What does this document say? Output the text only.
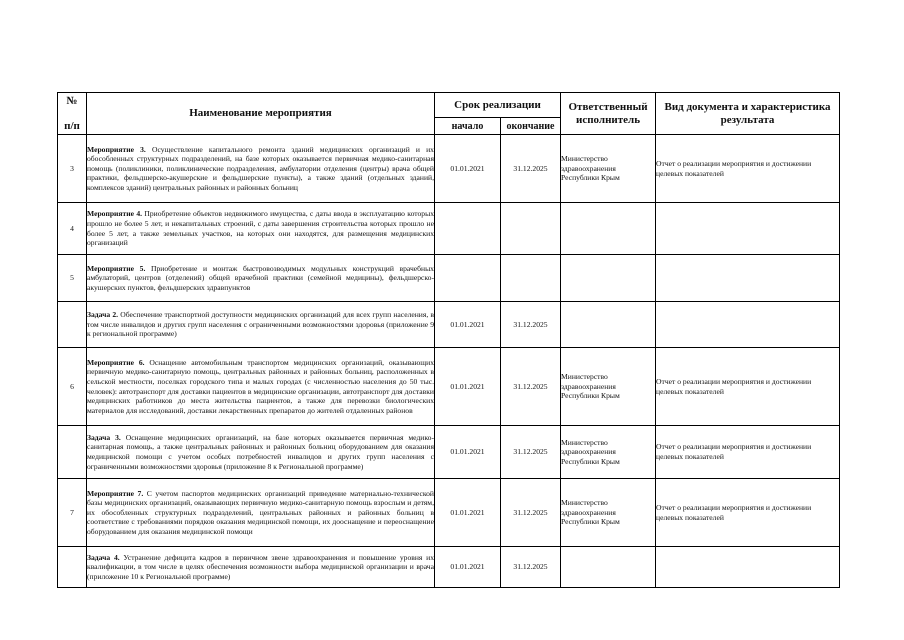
№
п/п	Наименование мероприятия	Срок реализации		Ответственный исполнитель	Вид документа и характеристика результата
		начало	окончание		
3	Мероприятие 3. Осуществление капитального ремонта зданий медицинских организаций и их обособленных структурных подразделений, на базе которых оказывается первичная медико-санитарная помощь (поликлиники, поликлинические подразделения, амбулатории отделения (центры) врача общей практики, фельдшерско-акушерские и фельдшерские пункты), а также зданий (отдельных зданий, комплексов зданий) центральных районных и районных больниц	01.01.2021	31.12.2025	Министерство здравоохранения Республики Крым	Отчет о реализации мероприятия и достижении целевых показателей
4	Мероприятие 4. Приобретение объектов недвижимого имущества, с даты ввода в эксплуатацию которых прошло не более 5 лет, и некапитальных строений, с даты завершения строительства которых прошло не более 5 лет, а также земельных участков, на которых они находятся, для размещения медицинских организаций				
5	Мероприятие 5. Приобретение и монтаж быстровозводимых модульных конструкций врачебных амбулаторий, центров (отделений) общей врачебной практики (семейной медицины), фельдшерско-акушерских пунктов, фельдшерских здравпунктов				
	Задача 2. Обеспечение транспортной доступности медицинских организаций для всех групп населения, в том числе инвалидов и других групп населения с ограниченными возможностями здоровья (приложение 9 к региональной программе)	01.01.2021	31.12.2025		
6	Мероприятие 6. Оснащение автомобильным транспортом медицинских организаций, оказывающих первичную медико-санитарную помощь, центральных районных и районных больниц, расположенных в сельской местности, поселках городского типа и малых городах (с численностью населения до 50 тыс. человек): автотранспорт для доставки пациентов в медицинские организации, автотранспорт для доставки медицинских работников до места жительства пациентов, а также для перевозки биологических материалов для исследований, доставки лекарственных препаратов до жителей отдаленных районов	01.01.2021	31.12.2025	Министерство здравоохранения Республики Крым	Отчет о реализации мероприятия и достижении целевых показателей
	Задача 3. Оснащение медицинских организаций, на базе которых оказывается первичная медико-санитарная помощь, а также центральных районных и районных больниц оборудованием для оказания медицинской помощи с учетом особых потребностей инвалидов и других групп населения с ограниченными возможностями здоровья (приложение 8 к Региональной программе)	01.01.2021	31.12.2025	Министерство здравоохранения Республики Крым	Отчет о реализации мероприятия и достижении целевых показателей
7	Мероприятие 7. С учетом паспортов медицинских организаций приведение материально-технической базы медицинских организаций, оказывающих первичную медико-санитарную помощь взрослым и детям, их обособленных структурных подразделений, центральных районных и районных больниц в соответствие с требованиями порядков оказания медицинской помощи, их дооснащение и переоснащение оборудованием для оказания медицинской помощи	01.01.2021	31.12.2025	Министерство здравоохранения Республики Крым	Отчет о реализации мероприятия и достижении целевых показателей
	Задача 4. Устранение дефицита кадров в первичном звене здравоохранения и повышение уровня их квалификации, в том числе в целях обеспечения возможности выбора медицинской организации и врача (приложение 10 к Региональной программе)	01.01.2021	31.12.2025		
